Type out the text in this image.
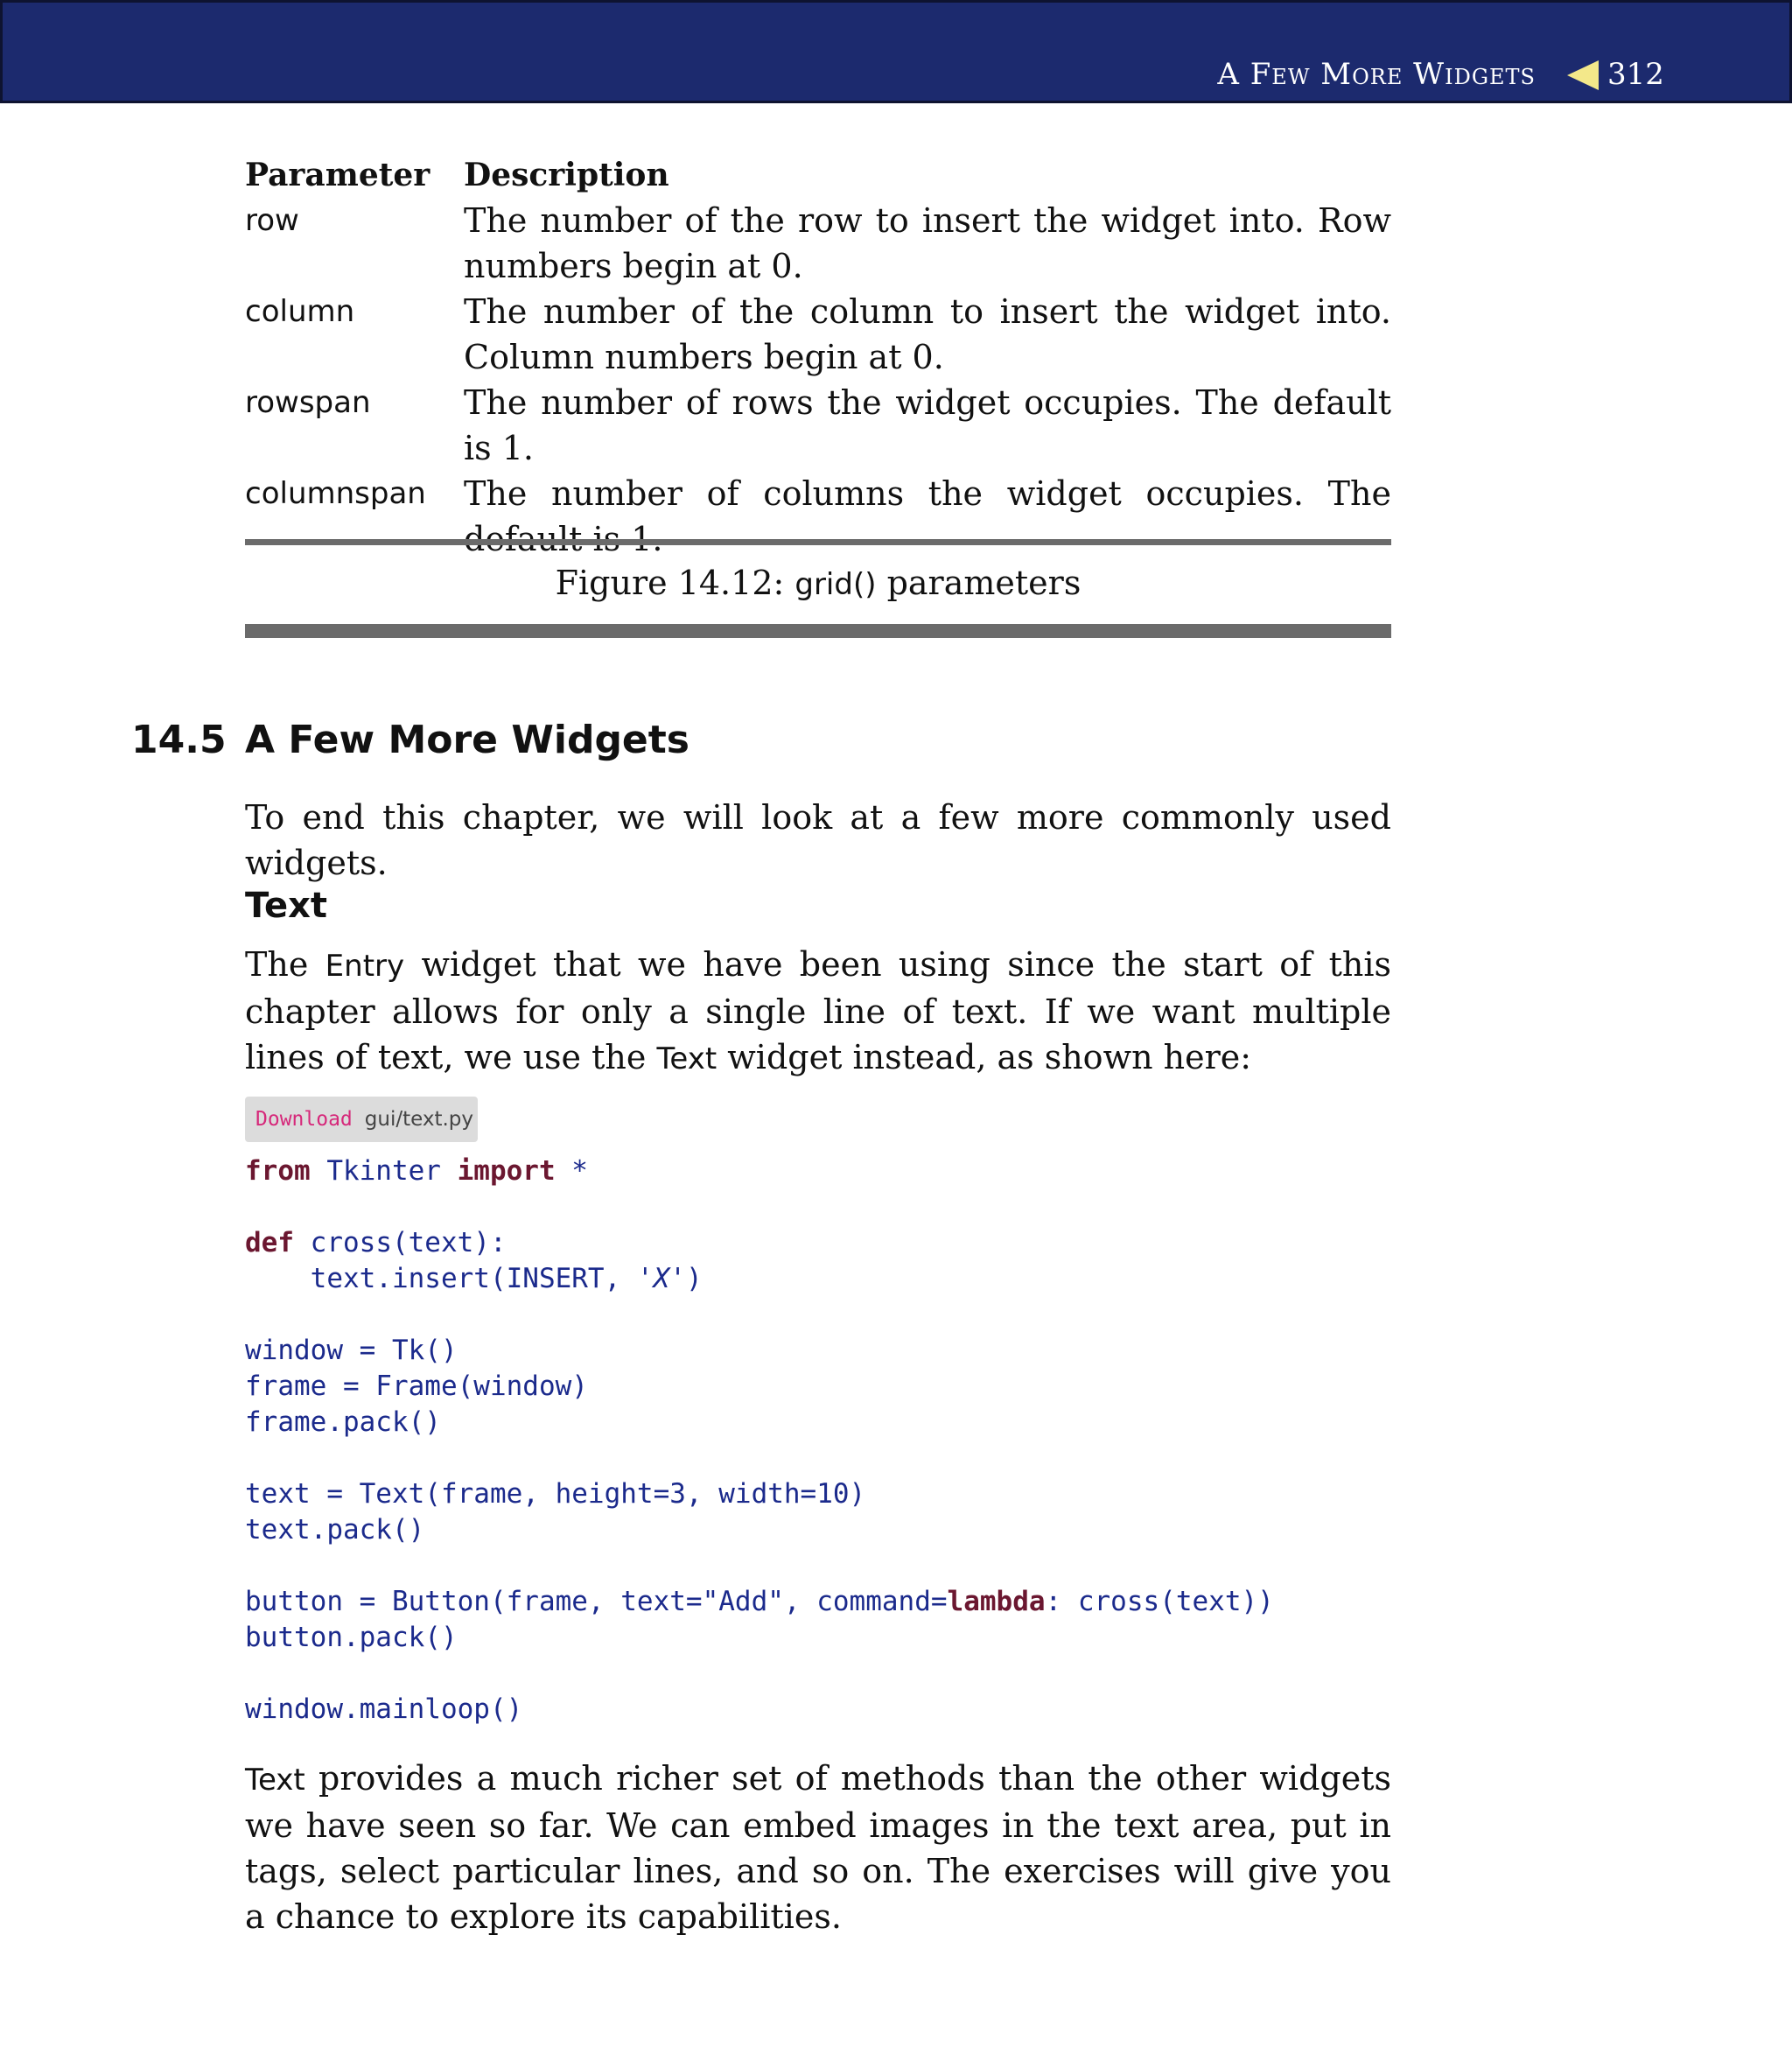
A Few More Widgets 312
Parameter	Description
row	The number of the row to insert the widget into. Row numbers begin at 0.
column	The number of the column to insert the widget into. Column numbers begin at 0.
rowspan	The number of rows the widget occupies. The default is 1.
columnspan	The number of columns the widget occupies. The
Figure 14.12: grid() parameters
14.5 A Few More Widgets
To end this chapter, we will look at a few more commonly used widgets.
Text
The Entry widget that we have been using since the start of this chapter allows for only a single line of text. If we want multiple lines of text, we use the Text widget instead, as shown here:
Download gui/text.py
from Tkinter import *
def cross(text):
text.insert(INSERT, 'X')
window = Tk()
frame = Frame(window)
frame.pack()
text = Text(frame, height=3, width=10)
text.pack()
button = Button(frame, text="Add", command=lambda: cross(text))
button.pack()
window.mainloop()
Text provides a much richer set of methods than the other widgets we have seen so far. We can embed images in the text area, put in tags, select particular lines, and so on. The exercises will give you a chance to explore its capabilities.
